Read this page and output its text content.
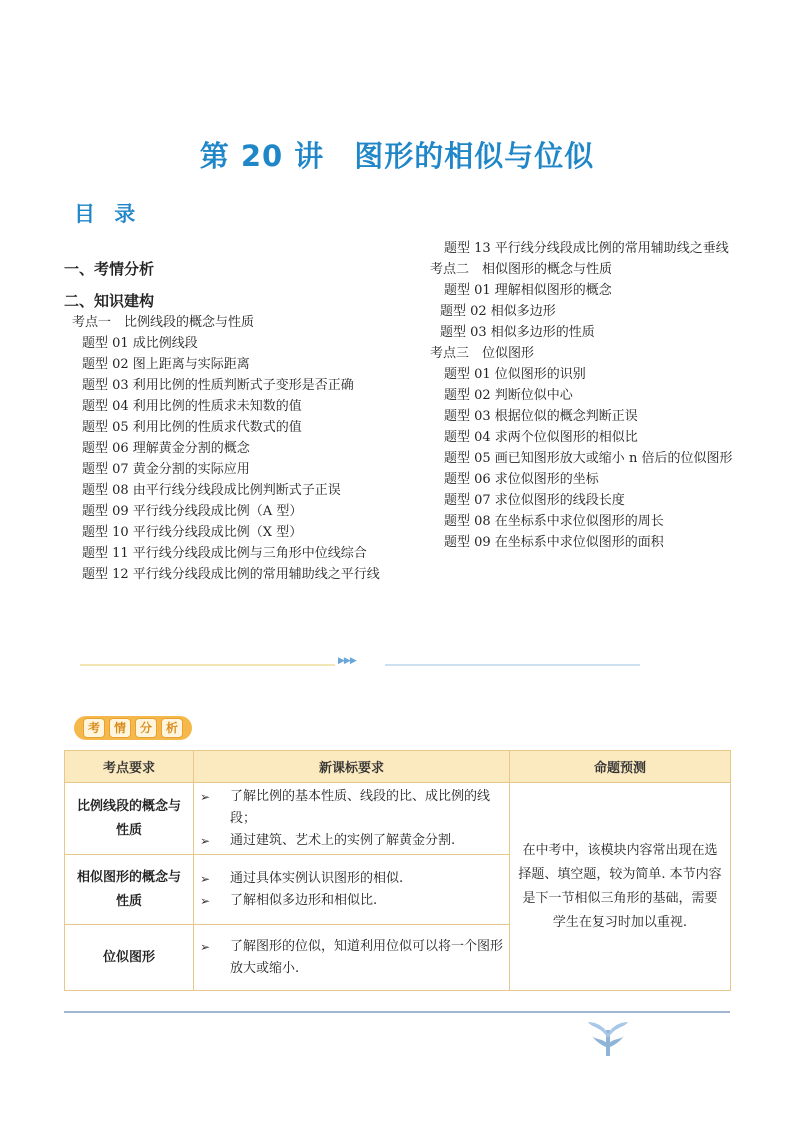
第 20 讲　图形的相似与位似
目 录
一、考情分析
二、知识建构
考点一　比例线段的概念与性质
题型 01 成比例线段
题型 02 图上距离与实际距离
题型 03 利用比例的性质判断式子变形是否正确
题型 04 利用比例的性质求未知数的值
题型 05 利用比例的性质求代数式的值
题型 06 理解黄金分割的概念
题型 07 黄金分割的实际应用
题型 08 由平行线分线段成比例判断式子正误
题型 09 平行线分线段成比例（A 型）
题型 10 平行线分线段成比例（X 型）
题型 11 平行线分线段成比例与三角形中位线综合
题型 12 平行线分线段成比例的常用辅助线之平行线
题型 13 平行线分线段成比例的常用辅助线之垂线
考点二　相似图形的概念与性质
题型 01 理解相似图形的概念
题型 02 相似多边形
题型 03 相似多边形的性质
考点三　位似图形
题型 01 位似图形的识别
题型 02 判断位似中心
题型 03 根据位似的概念判断正误
题型 04 求两个位似图形的相似比
题型 05 画已知图形放大或缩小 n 倍后的位似图形
题型 06 求位似图形的坐标
题型 07 求位似图形的线段长度
题型 08 在坐标系中求位似图形的周长
题型 09 在坐标系中求位似图形的面积
▶▶▶
考	情	分	析
考点要求	新课标要求	命题预测
比例线段的概念与性质	➢ 了解比例的基本性质、线段的比、成比例的线段；
➢ 通过建筑、艺术上的实例了解黄金分割.	在中考中，该模块内容常出现在选择题、填空题，较为简单. 本节内容是下一节相似三角形的基础，需要学生在复习时加以重视.
相似图形的概念与性质	➢ 通过具体实例认识图形的相似.
➢ 了解相似多边形和相似比.	

位似图形	➢ 了解图形的位似，知道利用位似可以将一个图形放大或缩小.	
